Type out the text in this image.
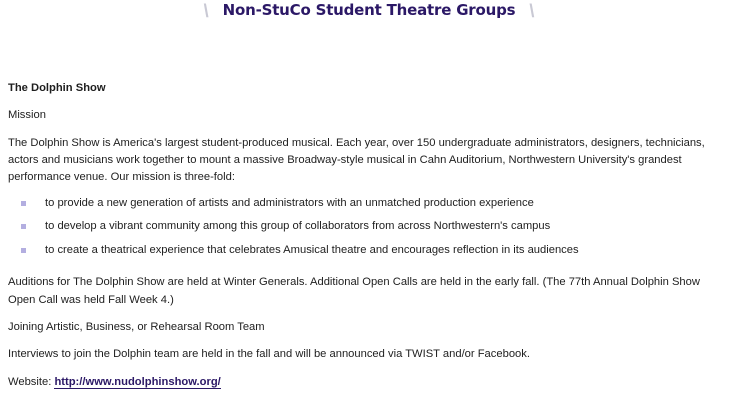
\ Non-StuCo Student Theatre Groups \

The Dolphin Show

Mission

The Dolphin Show is America's largest student-produced musical. Each year, over 150 undergraduate administrators, designers, technicians, actors and musicians work together to mount a massive Broadway-style musical in Cahn Auditorium, Northwestern University's grandest performance venue. Our mission is three-fold:

to provide a new generation of artists and administrators with an unmatched production experience
to develop a vibrant community among this group of collaborators from across Northwestern's campus
to create a theatrical experience that celebrates Amusical theatre and encourages reflection in its audiences

Auditions for The Dolphin Show are held at Winter Generals. Additional Open Calls are held in the early fall. (The 77th Annual Dolphin Show Open Call was held Fall Week 4.)

Joining Artistic, Business, or Rehearsal Room Team

Interviews to join the Dolphin team are held in the fall and will be announced via TWIST and/or Facebook.

Website: http://www.nudolphinshow.org/
